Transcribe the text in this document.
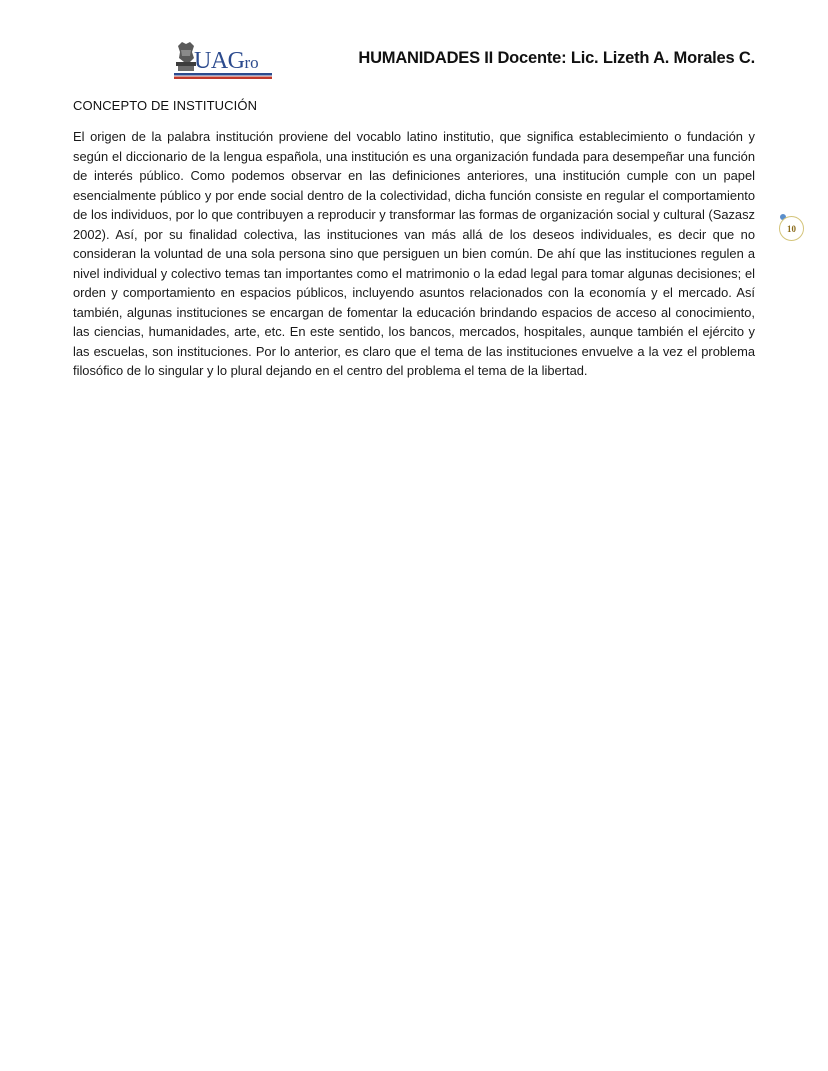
UAGro	HUMANIDADES II Docente: Lic. Lizeth A. Morales C.
CONCEPTO DE INSTITUCIÓN

El origen de la palabra institución proviene del vocablo latino institutio, que significa establecimiento o fundación y según el diccionario de la lengua española, una institución es una organización fundada para desempeñar una función de interés público. Como podemos observar en las definiciones anteriores, una institución cumple con un papel esencialmente público y por ende social dentro de la colectividad, dicha función consiste en regular el comportamiento de los individuos, por lo que contribuyen a reproducir y transformar las formas de organización social y cultural (Sazasz 2002). Así, por su finalidad colectiva, las instituciones van más allá de los deseos individuales, es decir que no consideran la voluntad de una sola persona sino que persiguen un bien común. De ahí que las instituciones regulen a nivel individual y colectivo temas tan importantes como el matrimonio o la edad legal para tomar algunas decisiones; el orden y comportamiento en espacios públicos, incluyendo asuntos relacionados con la economía y el mercado. Así también, algunas instituciones se encargan de fomentar la educación brindando espacios de acceso al conocimiento, las ciencias, humanidades, arte, etc. En este sentido, los bancos, mercados, hospitales, aunque también el ejército y las escuelas, son instituciones. Por lo anterior, es claro que el tema de las instituciones envuelve a la vez el problema filosófico de lo singular y lo plural dejando en el centro del problema el tema de la libertad.

10
